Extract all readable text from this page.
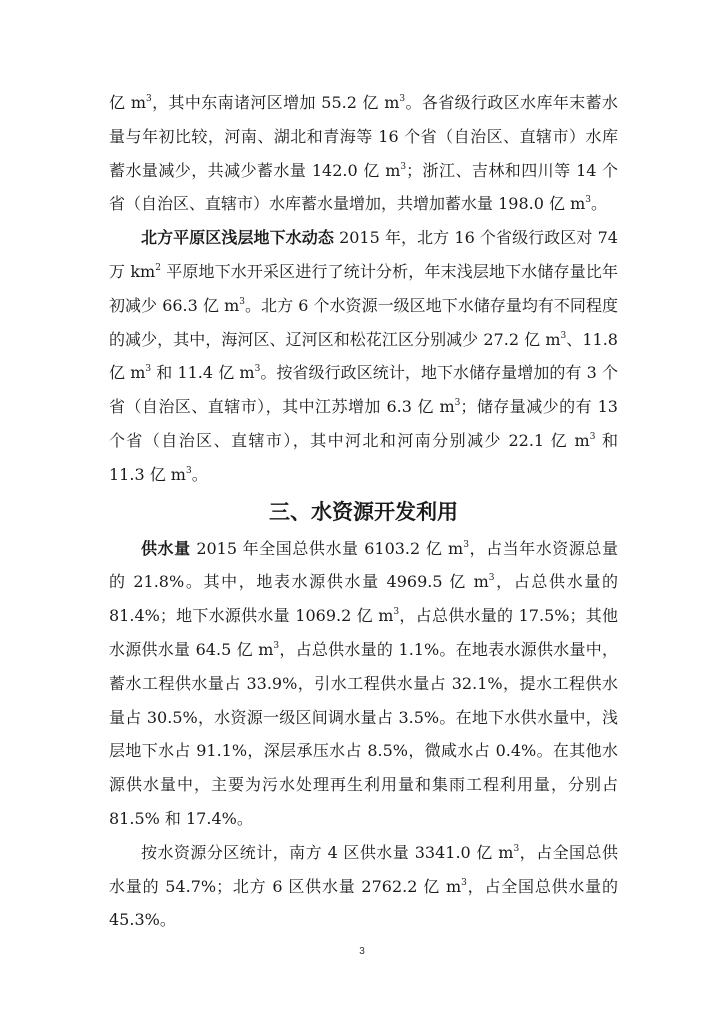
亿 $m^3$，其中东南诸河区增加 55.2 亿 $m^3$。各省级行政区水库年末蓄水量与年初比较，河南、湖北和青海等 16 个省（自治区、直辖市）水库蓄水量减少，共减少蓄水量 142.0 亿 $m^3$；浙江、吉林和四川等 14 个省（自治区、直辖市）水库蓄水量增加，共增加蓄水量 198.0 亿 $m^3$。

北方平原区浅层地下水动态 2015 年，北方 16 个省级行政区对 74 万 $km^2$ 平原地下水开采区进行了统计分析，年末浅层地下水储存量比年初减少 66.3 亿 $m^3$。北方 6 个水资源一级区地下水储存量均有不同程度的减少，其中，海河区、辽河区和松花江区分别减少 27.2 亿 $m^3$、11.8 亿 $m^3$ 和 11.4 亿 $m^3$。按省级行政区统计，地下水储存量增加的有 3 个省（自治区、直辖市），其中江苏增加 6.3 亿 $m^3$；储存量减少的有 13 个省（自治区、直辖市），其中河北和河南分别减少 22.1 亿 $m^3$ 和 11.3 亿 $m^3$。

三、水资源开发利用

供水量 2015 年全国总供水量 6103.2 亿 $m^3$，占当年水资源总量的 21.8%。其中，地表水源供水量 4969.5 亿 $m^3$，占总供水量的 81.4%；地下水源供水量 1069.2 亿 $m^3$，占总供水量的 17.5%；其他水源供水量 64.5 亿 $m^3$，占总供水量的 1.1%。在地表水源供水量中，蓄水工程供水量占 33.9%，引水工程供水量占 32.1%，提水工程供水量占 30.5%，水资源一级区间调水量占 3.5%。在地下水供水量中，浅层地下水占 91.1%，深层承压水占 8.5%，微咸水占 0.4%。在其他水源供水量中，主要为污水处理再生利用量和集雨工程利用量，分别占 81.5% 和 17.4%。

按水资源分区统计，南方 4 区供水量 3341.0 亿 $m^3$，占全国总供水量的 54.7%；北方 6 区供水量 2762.2 亿 $m^3$，占全国总供水量的 45.3%。

3
